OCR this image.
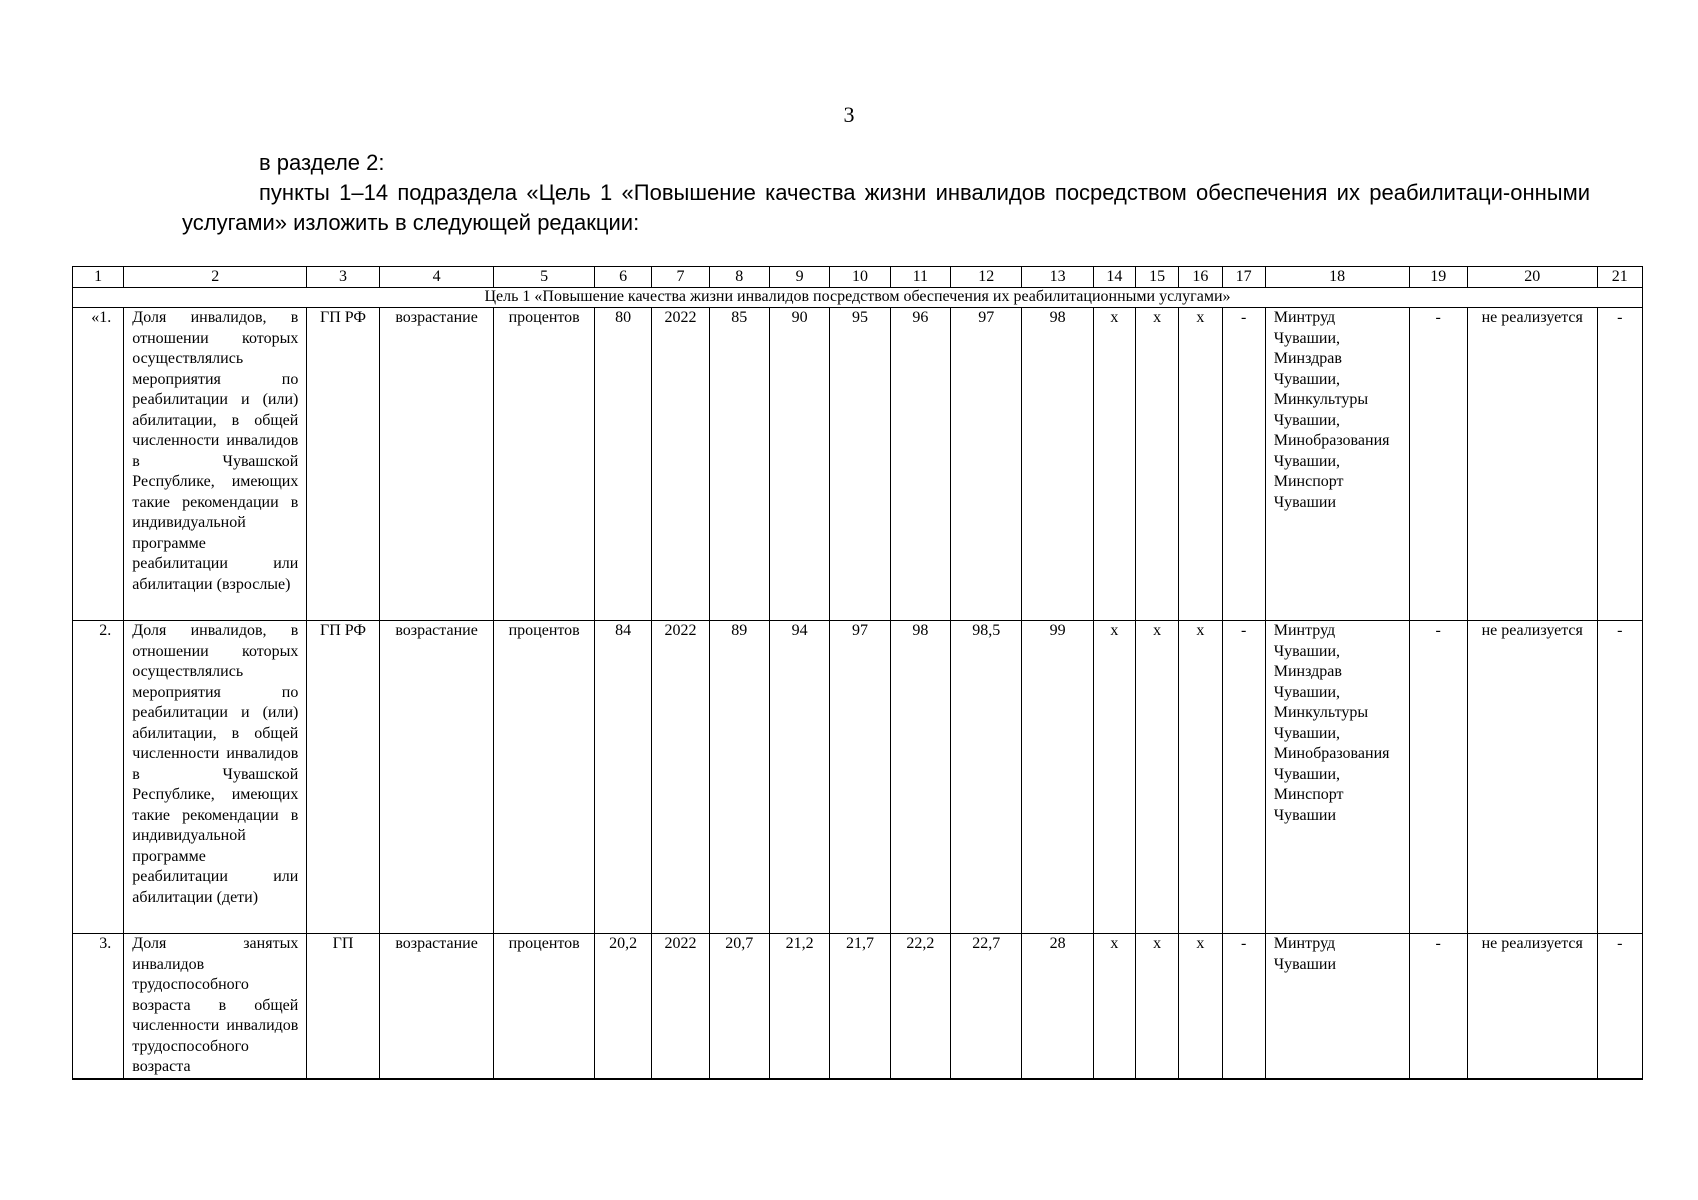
3

в разделе 2:

пункты 1–14 подраздела «Цель 1 «Повышение качества жизни инвалидов посредством обеспечения их реабилитаци-онными услугами» изложить в следующей редакции:

1	2	3	4	5	6	7	8	9	10	11	12	13	14	15	16	17	18	19	20	21
Цель 1 «Повышение качества жизни инвалидов посредством обеспечения их реабилитационными услугами»																				
«1.	Доля инвалидов, в отношении которых осуществлялись мероприятия по реабилитации и (или) абилитации, в общей численности инвалидов в Чувашской Республике, имеющих такие рекомендации в индивидуальной программе реабилитации или абилитации (взрослые)	ГП РФ	возрастание	процентов	80	2022	85	90	95	96	97	98	х	х	х	-	Минтруд Чувашии, Минздрав Чувашии, Минкультуры Чувашии, Минобразования Чувашии, Минспорт Чувашии	-	не реализуется	-
2.	Доля инвалидов, в отношении которых осуществлялись мероприятия по реабилитации и (или) абилитации, в общей численности инвалидов в Чувашской Республике, имеющих такие рекомендации в индивидуальной программе реабилитации или абилитации (дети)	ГП РФ	возрастание	процентов	84	2022	89	94	97	98	98,5	99	х	х	х	-	Минтруд Чувашии, Минздрав Чувашии, Минкультуры Чувашии, Минобразования Чувашии, Минспорт Чувашии	-	не реализуется	-
3.	Доля занятых инвалидов трудоспособного возраста в общей численности инвалидов трудоспособного возраста	ГП	возрастание	процентов	20,2	2022	20,7	21,2	21,7	22,2	22,7	28	х	х	х	-	Минтруд Чувашии	-	не реализуется	-
